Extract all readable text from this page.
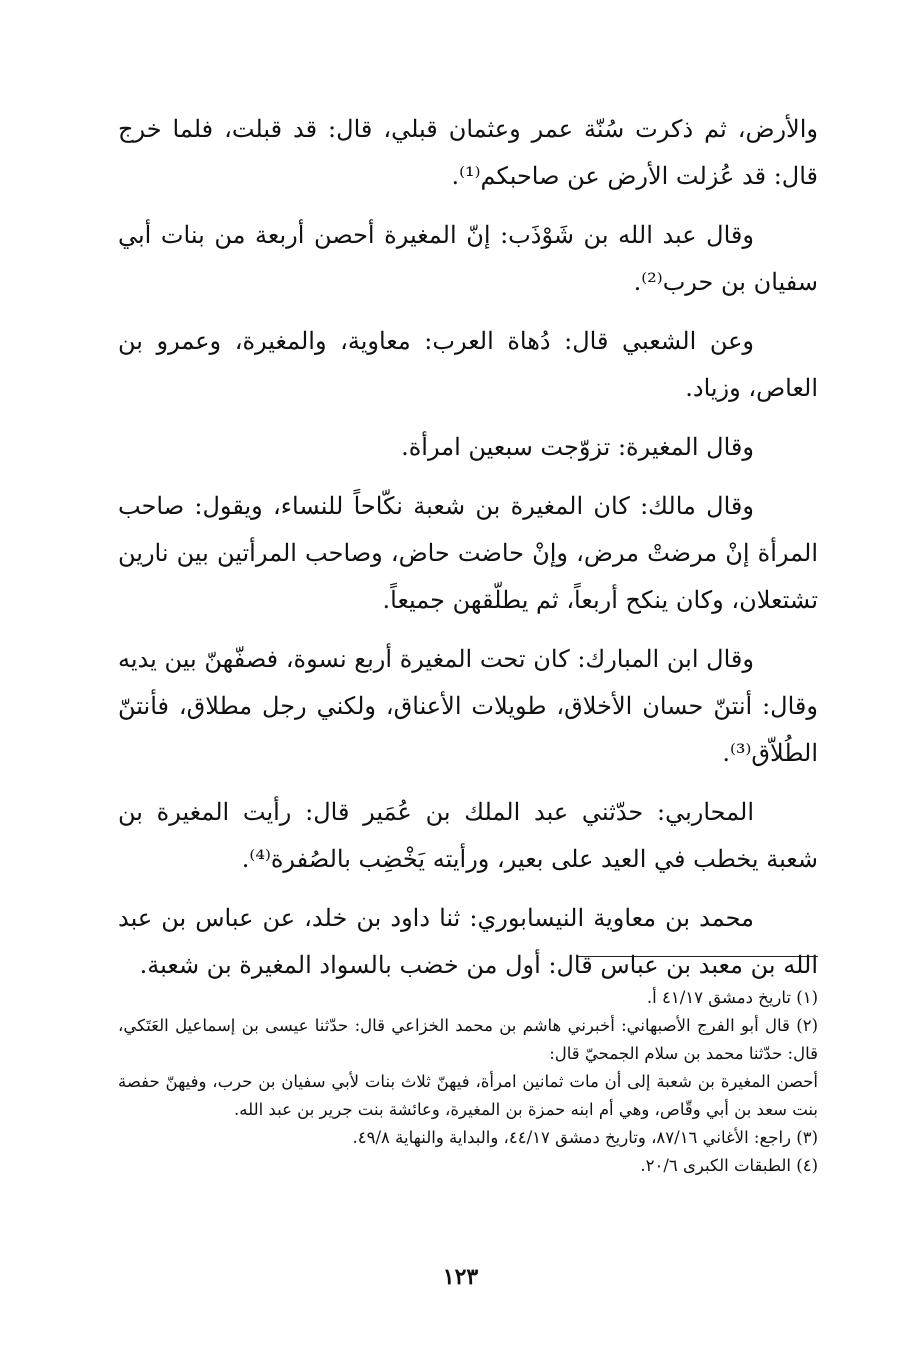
والأرض، ثم ذكرت سُنّة عمر وعثمان قبلي، قال: قد قبلت، فلما خرج قال: قد عُزلت الأرض عن صاحبكم⁽¹⁾.

وقال عبد الله بن شَوْذَب: إنّ المغيرة أحصن أربعة من بنات أبي سفيان بن حرب⁽²⁾.

وعن الشعبي قال: دُهاة العرب: معاوية، والمغيرة، وعمرو بن العاص، وزياد.

وقال المغيرة: تزوّجت سبعين امرأة.

وقال مالك: كان المغيرة بن شعبة نكّاحاً للنساء، ويقول: صاحب المرأة إنْ مرضتْ مرض، وإنْ حاضت حاض، وصاحب المرأتين بين نارين تشتعلان، وكان ينكح أربعاً، ثم يطلّقهن جميعاً.

وقال ابن المبارك: كان تحت المغيرة أربع نسوة، فصفّهنّ بين يديه وقال: أنتنّ حسان الأخلاق، طويلات الأعناق، ولكني رجل مطلاق، فأنتنّ الطُلاّق⁽³⁾.

المحاربي: حدّثني عبد الملك بن عُمَير قال: رأيت المغيرة بن شعبة يخطب في العيد على بعير، ورأيته يَخْضِب بالصُفرة⁽⁴⁾.

محمد بن معاوية النيسابوري: ثنا داود بن خلد، عن عباس بن عبد الله بن معبد بن عباس قال: أول من خضب بالسواد المغيرة بن شعبة.

(١) تاريخ دمشق ٤١/١٧ أ.

(٢) قال أبو الفرج الأصبهاني: أخبرني هاشم بن محمد الخزاعي قال: حدّثنا عيسى بن إسماعيل العَتَكي، قال: حدّثنا محمد بن سلام الجمحيّ قال:

أحصن المغيرة بن شعبة إلى أن مات ثمانين امرأة، فيهنّ ثلاث بنات لأبي سفيان بن حرب، وفيهنّ حفصة بنت سعد بن أبي وقّاص، وهي أم ابنه حمزة بن المغيرة، وعائشة بنت جرير بن عبد الله.

(٣) راجع: الأغاني ٨٧/١٦، وتاريخ دمشق ٤٤/١٧، والبداية والنهاية ٤٩/٨.

(٤) الطبقات الكبرى ٢٠/٦.

١٢٣
